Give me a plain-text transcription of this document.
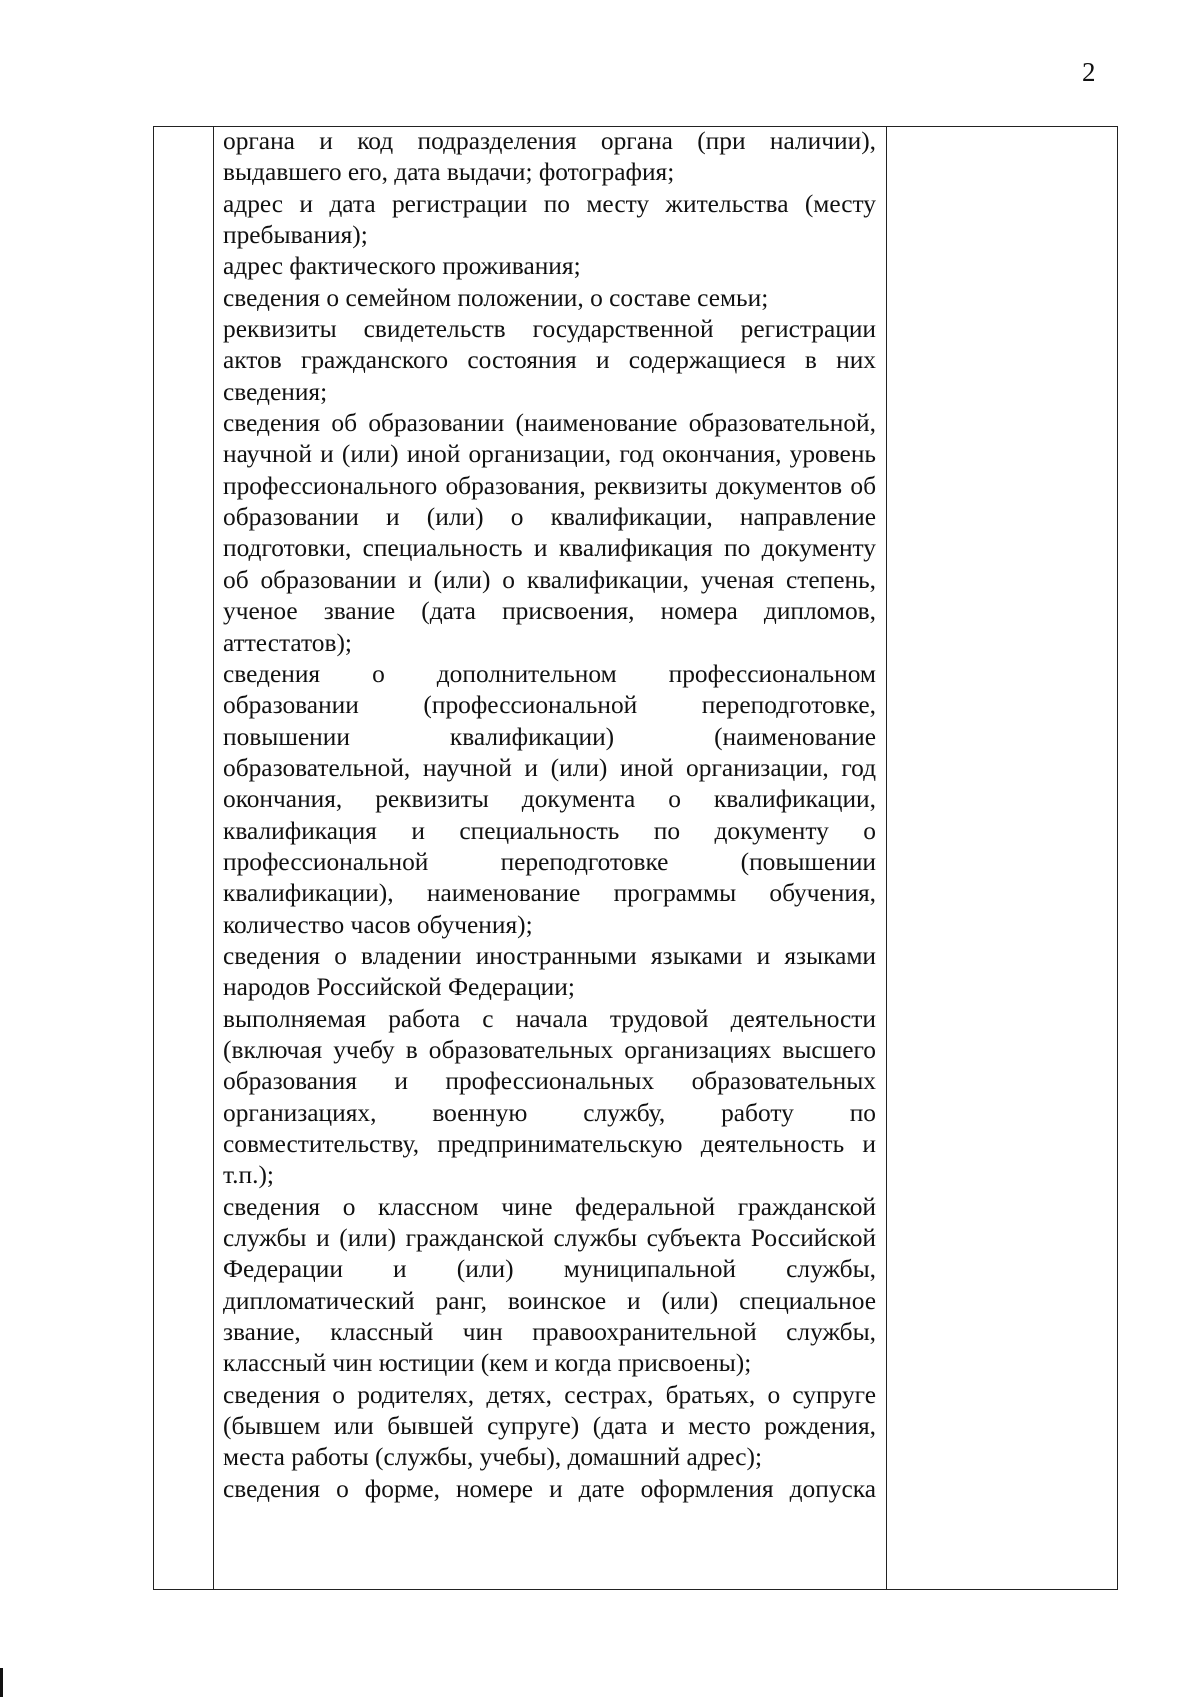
2

органа и код подразделения органа (при наличии), выдавшего его, дата выдачи; фотография;

адрес и дата регистрации по месту жительства (месту пребывания);

адрес фактического проживания;

сведения о семейном положении, о составе семьи;

реквизиты свидетельств государственной регистрации актов гражданского состояния и содержащиеся в них сведения;

сведения об образовании (наименование образовательной, научной и (или) иной организации, год окончания, уровень профессионального образования, реквизиты документов об образовании и (или) о квалификации, направление подготовки, специальность и квалификация по документу об образовании и (или) о квалификации, ученая степень, ученое звание (дата присвоения, номера дипломов, аттестатов);

сведения о дополнительном профессиональном образовании (профессиональной переподготовке, повышении квалификации) (наименование образовательной, научной и (или) иной организации, год окончания, реквизиты документа о квалификации, квалификация и специальность по документу о профессиональной переподготовке (повышении квалификации), наименование программы обучения, количество часов обучения);

сведения о владении иностранными языками и языками народов Российской Федерации;

выполняемая работа с начала трудовой деятельности (включая учебу в образовательных организациях высшего образования и профессиональных образовательных организациях, военную службу, работу по совместительству, предпринимательскую деятельность и т.п.);

сведения о классном чине федеральной гражданской службы и (или) гражданской службы субъекта Российской Федерации и (или) муниципальной службы, дипломатический ранг, воинское и (или) специальное звание, классный чин правоохранительной службы, классный чин юстиции (кем и когда присвоены);

сведения о родителях, детях, сестрах, братьях, о супруге (бывшем или бывшей супруге) (дата и место рождения, места работы (службы, учебы), домашний адрес);

сведения о форме, номере и дате оформления допуска
